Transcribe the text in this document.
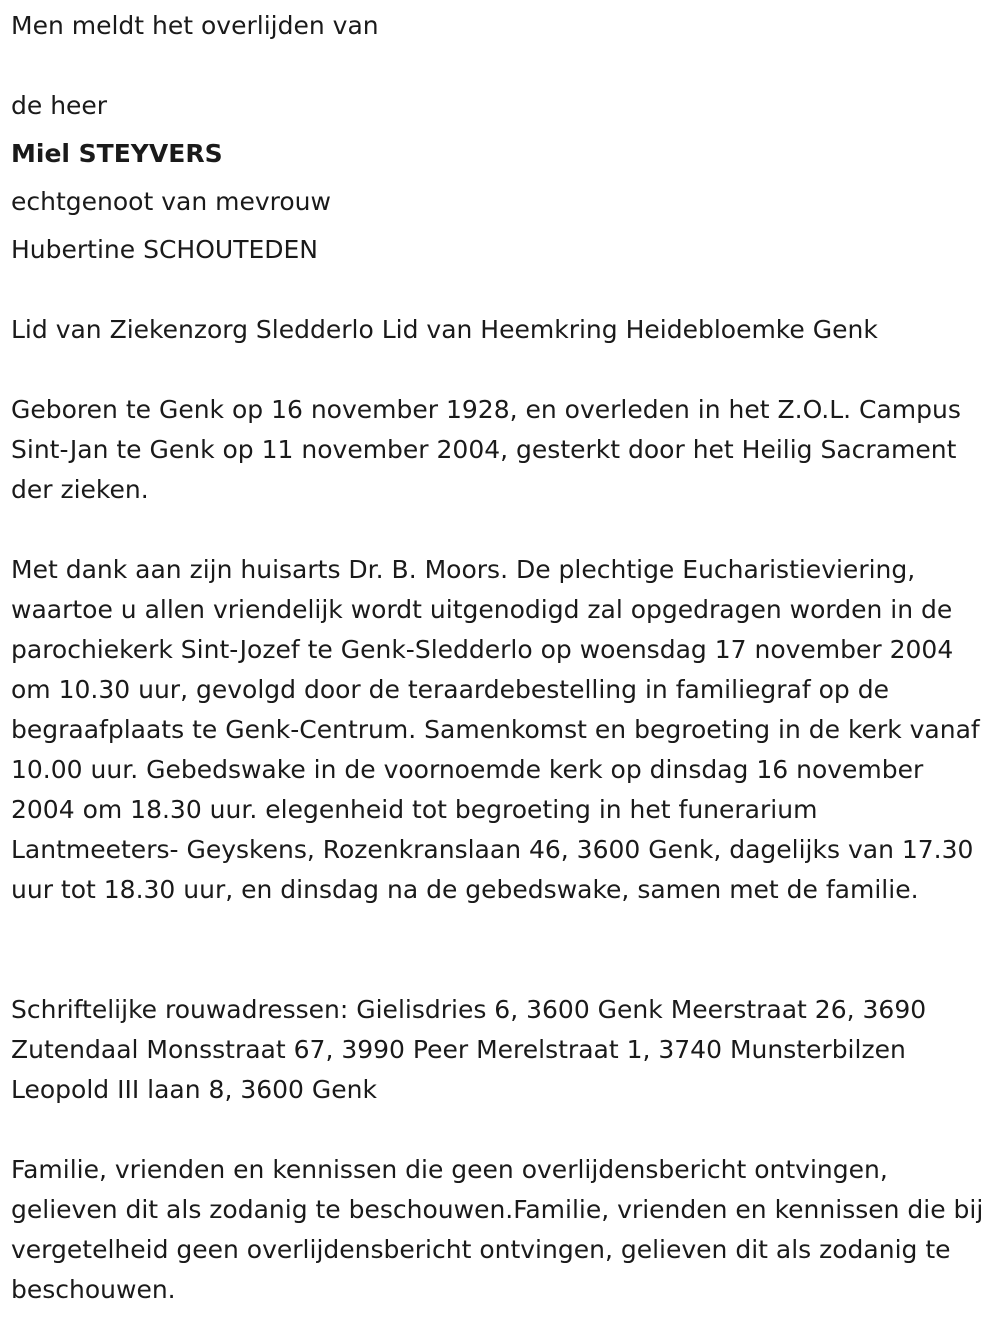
Men meldt het overlijden van
de heer
Miel STEYVERS
echtgenoot van mevrouw
Hubertine SCHOUTEDEN
Lid van Ziekenzorg Sledderlo Lid van Heemkring Heidebloemke Genk
Geboren te Genk op 16 november 1928, en overleden in het Z.O.L. Campus Sint-Jan te Genk op 11 november 2004, gesterkt door het Heilig Sacrament der zieken.
Met dank aan zijn huisarts Dr. B. Moors. De plechtige Eucharistieviering, waartoe u allen vriendelijk wordt uitgenodigd zal opgedragen worden in de parochiekerk Sint-Jozef te Genk-Sledderlo op woensdag 17 november 2004 om 10.30 uur, gevolgd door de teraardebestelling in familiegraf op de begraafplaats te Genk-Centrum. Samenkomst en begroeting in de kerk vanaf 10.00 uur. Gebedswake in de voornoemde kerk op dinsdag 16 november 2004 om 18.30 uur. elegenheid tot begroeting in het funerarium Lantmeeters- Geyskens, Rozenkranslaan 46, 3600 Genk, dagelijks van 17.30 uur tot 18.30 uur, en dinsdag na de gebedswake, samen met de familie.
Schriftelijke rouwadressen: Gielisdries 6, 3600 Genk Meerstraat 26, 3690 Zutendaal Monsstraat 67, 3990 Peer Merelstraat 1, 3740 Munsterbilzen Leopold III laan 8, 3600 Genk
Familie, vrienden en kennissen die geen overlijdensbericht ontvingen, gelieven dit als zodanig te beschouwen.Familie, vrienden en kennissen die bij vergetelheid geen overlijdensbericht ontvingen, gelieven dit als zodanig te beschouwen.
